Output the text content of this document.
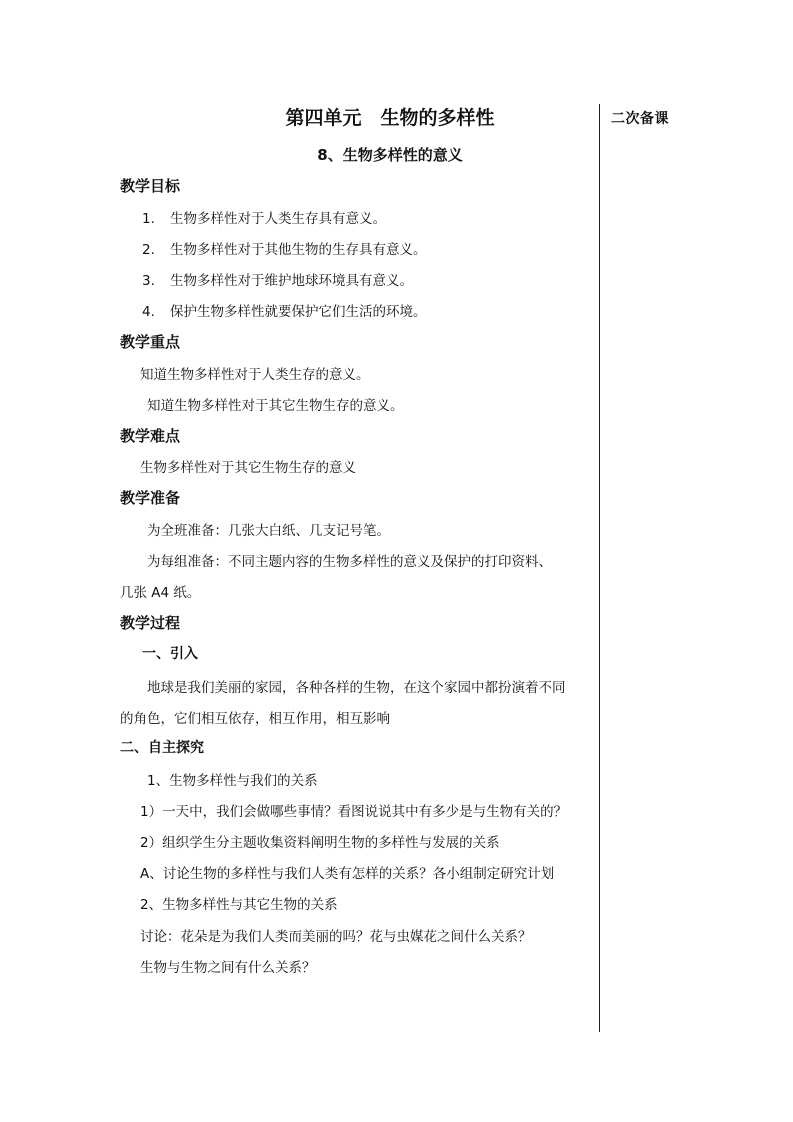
二次备课
第四单元　生物的多样性
8、生物多样性的意义
教学目标
1. 生物多样性对于人类生存具有意义。
2. 生物多样性对于其他生物的生存具有意义。
3. 生物多样性对于维护地球环境具有意义。
4. 保护生物多样性就要保护它们生活的环境。
教学重点
知道生物多样性对于人类生存的意义。
知道生物多样性对于其它生物生存的意义。
教学难点
生物多样性对于其它生物生存的意义
教学准备
为全班准备：几张大白纸、几支记号笔。
为每组准备：不同主题内容的生物多样性的意义及保护的打印资料、
几张 A4 纸。
教学过程
一、引入
地球是我们美丽的家园，各种各样的生物，在这个家园中都扮演着不同
的角色，它们相互依存，相互作用，相互影响
二、自主探究
1、生物多样性与我们的关系
1）一天中，我们会做哪些事情？看图说说其中有多少是与生物有关的？
2）组织学生分主题收集资料阐明生物的多样性与发展的关系
A、讨论生物的多样性与我们人类有怎样的关系？各小组制定研究计划
2、生物多样性与其它生物的关系
讨论：花朵是为我们人类而美丽的吗？花与虫媒花之间什么关系？
生物与生物之间有什么关系？
